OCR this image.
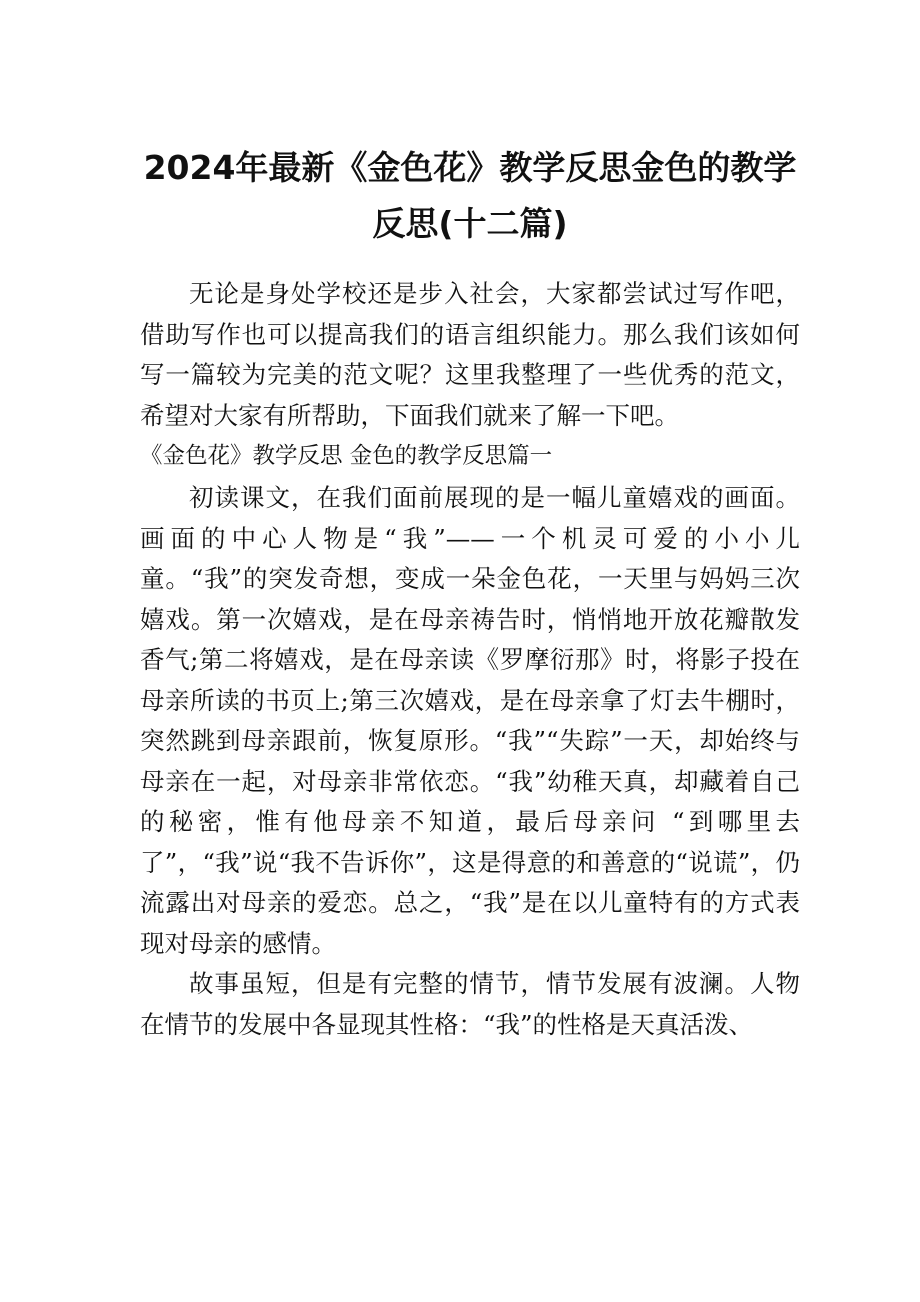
2024年最新《金色花》教学反思金色的教学
反思(十二篇)

无论是身处学校还是步入社会，大家都尝试过写作吧，借助写作也可以提高我们的语言组织能力。那么我们该如何写一篇较为完美的范文呢？这里我整理了一些优秀的范文，希望对大家有所帮助，下面我们就来了解一下吧。

《金色花》教学反思 金色的教学反思篇一

初读课文，在我们面前展现的是一幅儿童嬉戏的画面。画面的中心人物是“我”——一个机灵可爱的小小儿童。“我”的突发奇想，变成一朵金色花，一天里与妈妈三次嬉戏。第一次嬉戏，是在母亲祷告时，悄悄地开放花瓣散发香气;第二将嬉戏，是在母亲读《罗摩衍那》时，将影子投在母亲所读的书页上;第三次嬉戏，是在母亲拿了灯去牛棚时，突然跳到母亲跟前，恢复原形。“我”“失踪”一天，却始终与母亲在一起，对母亲非常依恋。“我”幼稚天真，却藏着自己的秘密，惟有他母亲不知道，最后母亲问 “到哪里去了”，“我”说“我不告诉你”，这是得意的和善意的“说谎”，仍流露出对母亲的爱恋。总之，“我”是在以儿童特有的方式表现对母亲的感情。

故事虽短，但是有完整的情节，情节发展有波澜。人物在情节的发展中各显现其性格：“我”的性格是天真活泼、
